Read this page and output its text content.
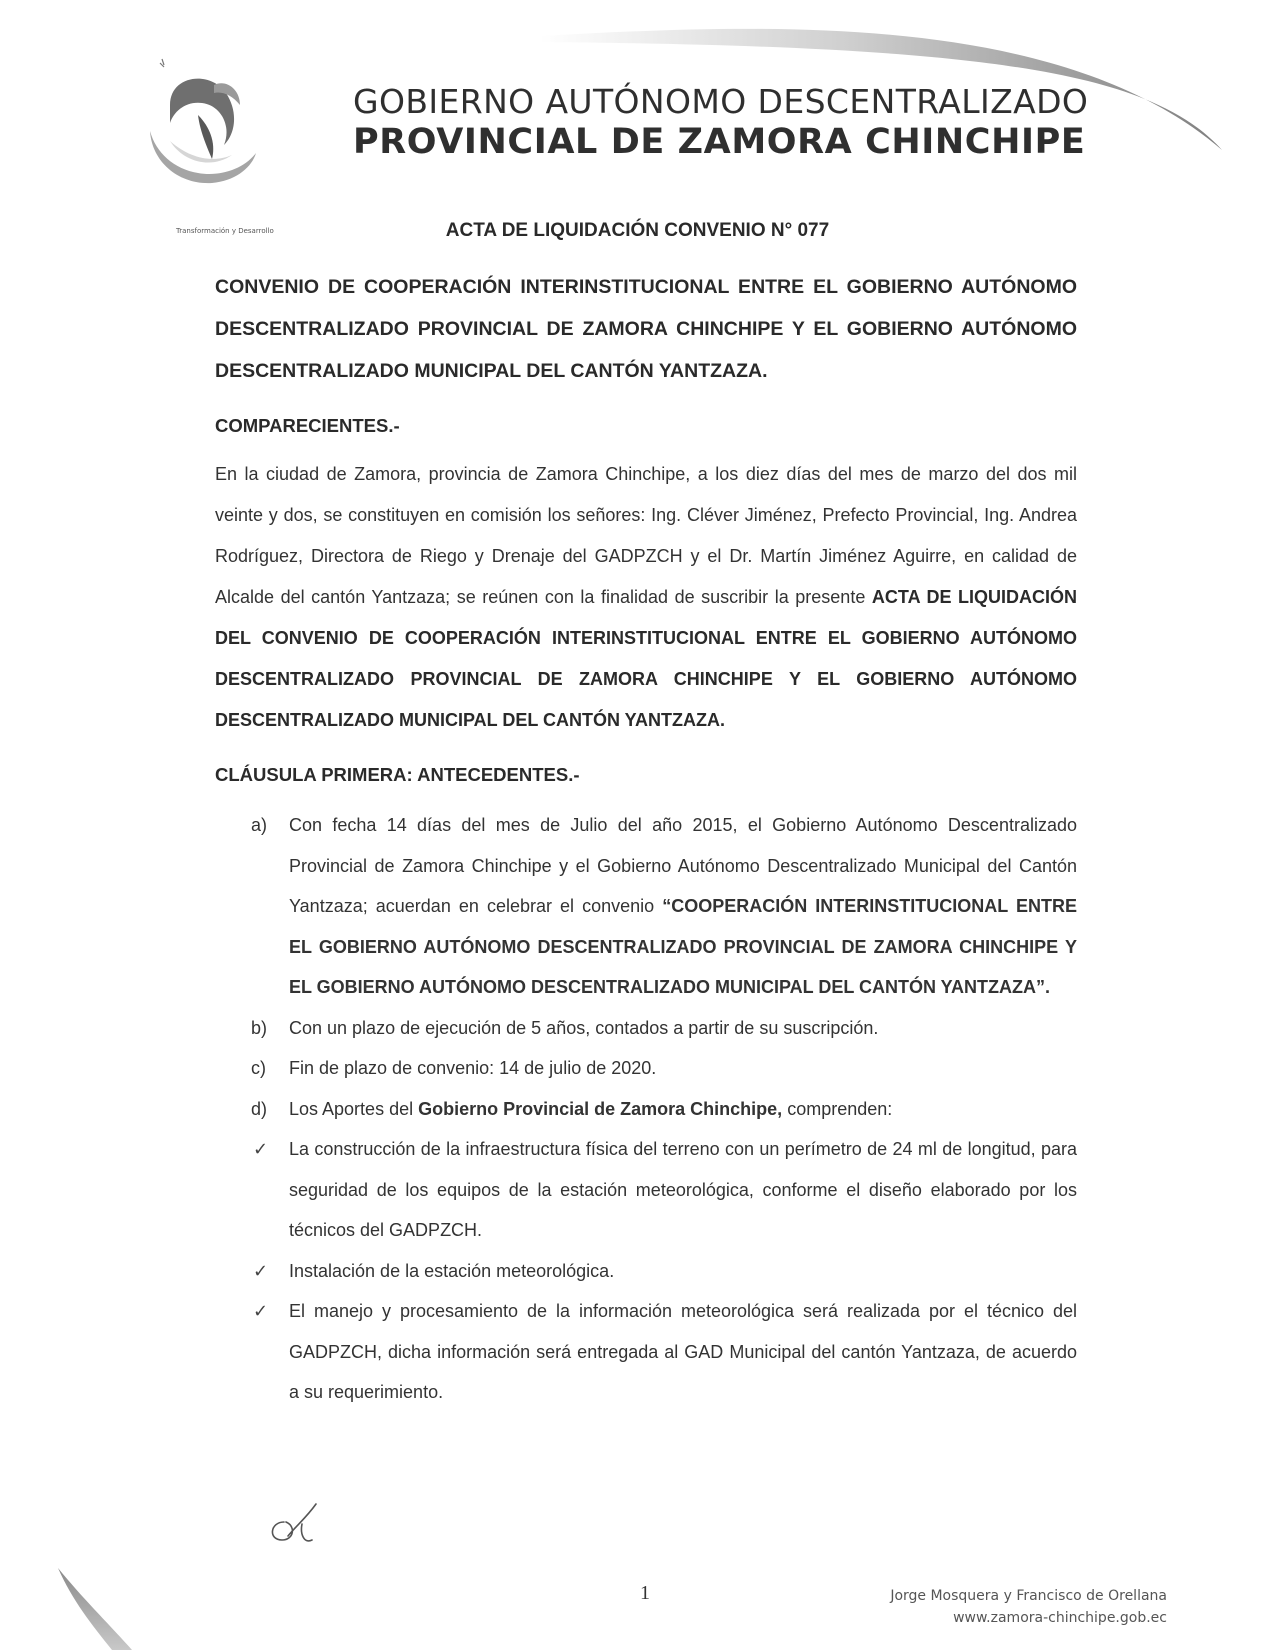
Transformación y Desarrollo
GOBIERNO AUTÓNOMO DESCENTRALIZADO
PROVINCIAL DE ZAMORA CHINCHIPE
ACTA DE LIQUIDACIÓN CONVENIO N° 077

CONVENIO DE COOPERACIÓN INTERINSTITUCIONAL ENTRE EL GOBIERNO AUTÓNOMO DESCENTRALIZADO PROVINCIAL DE ZAMORA CHINCHIPE Y EL GOBIERNO AUTÓNOMO DESCENTRALIZADO MUNICIPAL DEL CANTÓN YANTZAZA.

COMPARECIENTES.-

En la ciudad de Zamora, provincia de Zamora Chinchipe, a los diez días del mes de marzo del dos mil veinte y dos, se constituyen en comisión los señores: Ing. Cléver Jiménez, Prefecto Provincial, Ing. Andrea Rodríguez, Directora de Riego y Drenaje del GADPZCH y el Dr. Martín Jiménez Aguirre, en calidad de Alcalde del cantón Yantzaza; se reúnen con la finalidad de suscribir la presente ACTA DE LIQUIDACIÓN DEL CONVENIO DE COOPERACIÓN INTERINSTITUCIONAL ENTRE EL GOBIERNO AUTÓNOMO DESCENTRALIZADO PROVINCIAL DE ZAMORA CHINCHIPE Y EL GOBIERNO AUTÓNOMO DESCENTRALIZADO MUNICIPAL DEL CANTÓN YANTZAZA.

CLÁUSULA PRIMERA: ANTECEDENTES.-

a) Con fecha 14 días del mes de Julio del año 2015, el Gobierno Autónomo Descentralizado Provincial de Zamora Chinchipe y el Gobierno Autónomo Descentralizado Municipal del Cantón Yantzaza; acuerdan en celebrar el convenio “COOPERACIÓN INTERINSTITUCIONAL ENTRE EL GOBIERNO AUTÓNOMO DESCENTRALIZADO PROVINCIAL DE ZAMORA CHINCHIPE Y EL GOBIERNO AUTÓNOMO DESCENTRALIZADO MUNICIPAL DEL CANTÓN YANTZAZA”.
b) Con un plazo de ejecución de 5 años, contados a partir de su suscripción.
c) Fin de plazo de convenio: 14 de julio de 2020.
d) Los Aportes del Gobierno Provincial de Zamora Chinchipe, comprenden:
✓ La construcción de la infraestructura física del terreno con un perímetro de 24 ml de longitud, para seguridad de los equipos de la estación meteorológica, conforme el diseño elaborado por los técnicos del GADPZCH.
✓ Instalación de la estación meteorológica.
✓ El manejo y procesamiento de la información meteorológica será realizada por el técnico del GADPZCH, dicha información será entregada al GAD Municipal del cantón Yantzaza, de acuerdo a su requerimiento.
1	Jorge Mosquera y Francisco de Orellana
www.zamora-chinchipe.gob.ec
